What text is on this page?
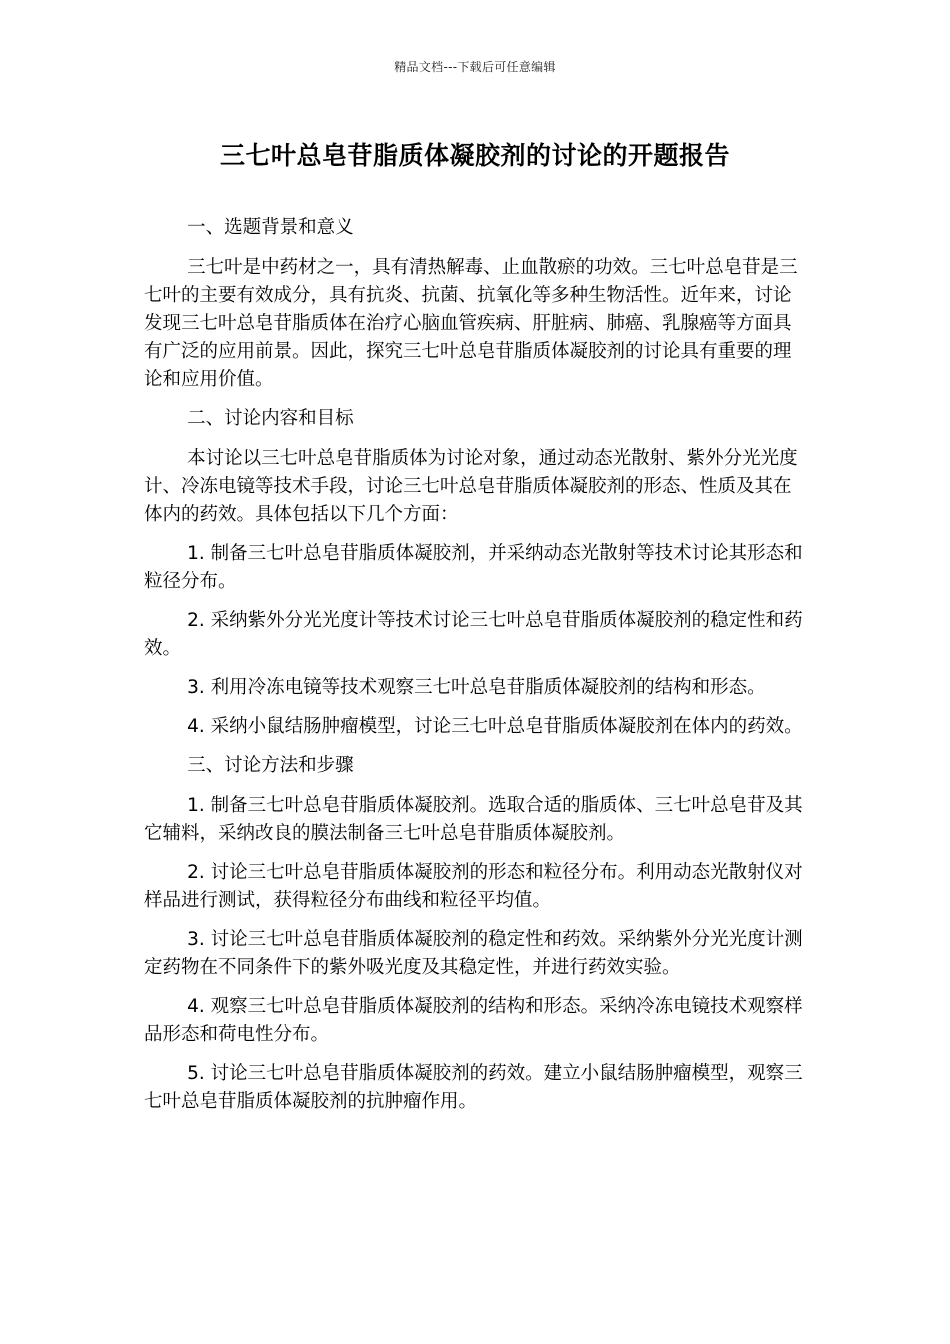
精品文档---下载后可任意编辑
三七叶总皂苷脂质体凝胶剂的讨论的开题报告

一、选题背景和意义

三七叶是中药材之一，具有清热解毒、止血散瘀的功效。三七叶总皂苷是三七叶的主要有效成分，具有抗炎、抗菌、抗氧化等多种生物活性。近年来，讨论发现三七叶总皂苷脂质体在治疗心脑血管疾病、肝脏病、肺癌、乳腺癌等方面具有广泛的应用前景。因此，探究三七叶总皂苷脂质体凝胶剂的讨论具有重要的理论和应用价值。

二、讨论内容和目标

本讨论以三七叶总皂苷脂质体为讨论对象，通过动态光散射、紫外分光光度计、冷冻电镜等技术手段，讨论三七叶总皂苷脂质体凝胶剂的形态、性质及其在体内的药效。具体包括以下几个方面：

1. 制备三七叶总皂苷脂质体凝胶剂，并采纳动态光散射等技术讨论其形态和粒径分布。

2. 采纳紫外分光光度计等技术讨论三七叶总皂苷脂质体凝胶剂的稳定性和药效。

3. 利用冷冻电镜等技术观察三七叶总皂苷脂质体凝胶剂的结构和形态。

4. 采纳小鼠结肠肿瘤模型，讨论三七叶总皂苷脂质体凝胶剂在体内的药效。

三、讨论方法和步骤

1. 制备三七叶总皂苷脂质体凝胶剂。选取合适的脂质体、三七叶总皂苷及其它辅料，采纳改良的膜法制备三七叶总皂苷脂质体凝胶剂。

2. 讨论三七叶总皂苷脂质体凝胶剂的形态和粒径分布。利用动态光散射仪对样品进行测试，获得粒径分布曲线和粒径平均值。

3. 讨论三七叶总皂苷脂质体凝胶剂的稳定性和药效。采纳紫外分光光度计测定药物在不同条件下的紫外吸光度及其稳定性，并进行药效实验。

4. 观察三七叶总皂苷脂质体凝胶剂的结构和形态。采纳冷冻电镜技术观察样品形态和荷电性分布。

5. 讨论三七叶总皂苷脂质体凝胶剂的药效。建立小鼠结肠肿瘤模型，观察三七叶总皂苷脂质体凝胶剂的抗肿瘤作用。
